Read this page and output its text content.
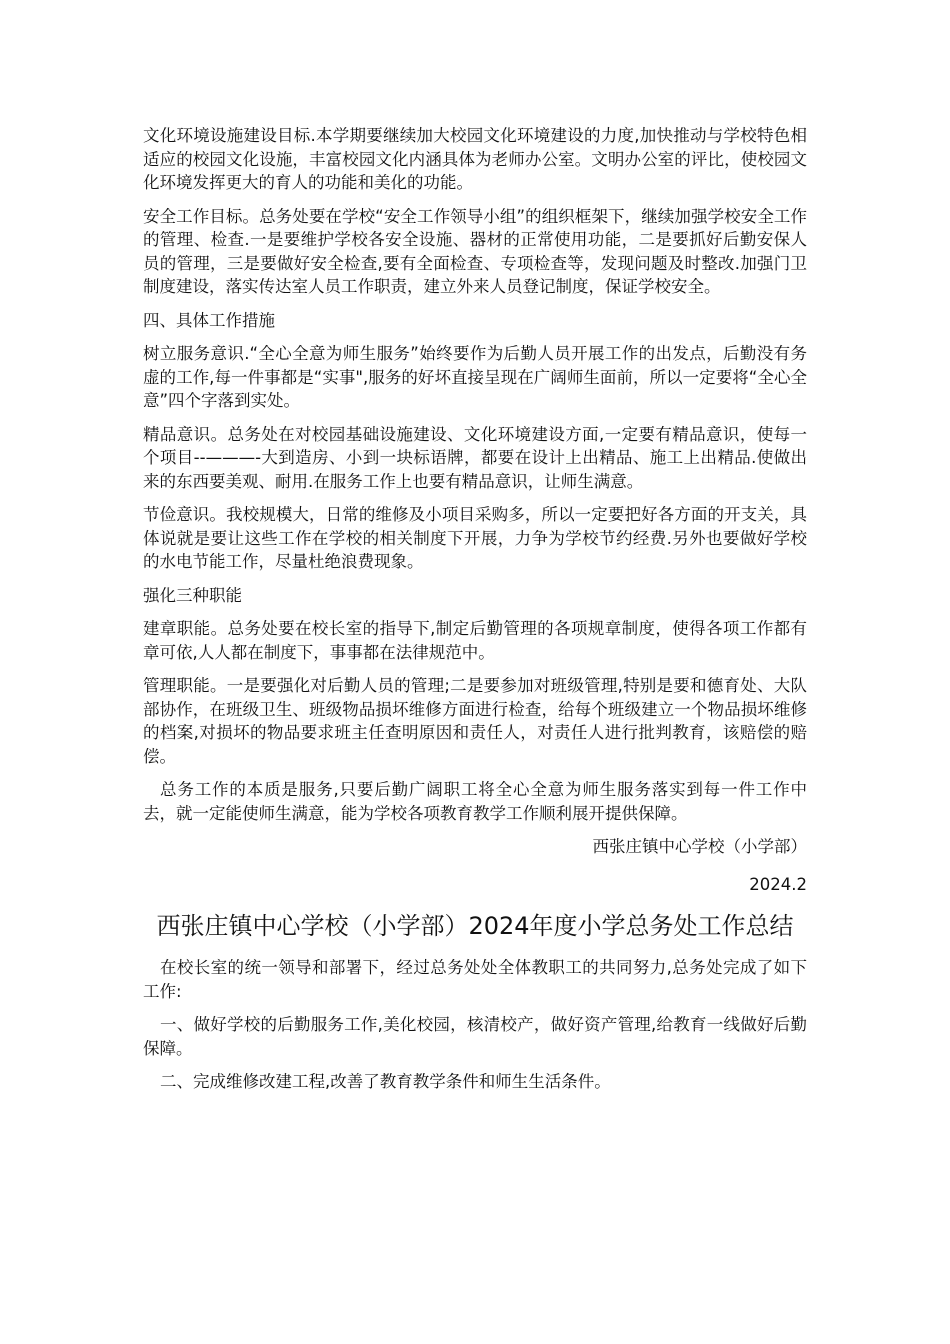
文化环境设施建设目标.本学期要继续加大校园文化环境建设的力度,加快推动与学校特色相适应的校园文化设施，丰富校园文化内涵具体为老师办公室。文明办公室的评比，使校园文化环境发挥更大的育人的功能和美化的功能。

安全工作目标。总务处要在学校“安全工作领导小组”的组织框架下，继续加强学校安全工作的管理、检查.一是要维护学校各安全设施、器材的正常使用功能，二是要抓好后勤安保人员的管理，三是要做好安全检查,要有全面检查、专项检查等，发现问题及时整改.加强门卫制度建设，落实传达室人员工作职责，建立外来人员登记制度，保证学校安全。

四、具体工作措施

树立服务意识.“全心全意为师生服务”始终要作为后勤人员开展工作的出发点，后勤没有务虚的工作,每一件事都是“实事",服务的好坏直接呈现在广阔师生面前，所以一定要将“全心全意”四个字落到实处。

精品意识。总务处在对校园基础设施建设、文化环境建设方面,一定要有精品意识，使每一个项目--———-大到造房、小到一块标语牌，都要在设计上出精品、施工上出精品.使做出来的东西要美观、耐用.在服务工作上也要有精品意识，让师生满意。

节俭意识。我校规模大，日常的维修及小项目采购多，所以一定要把好各方面的开支关，具体说就是要让这些工作在学校的相关制度下开展，力争为学校节约经费.另外也要做好学校的水电节能工作，尽量杜绝浪费现象。

强化三种职能

建章职能。总务处要在校长室的指导下,制定后勤管理的各项规章制度，使得各项工作都有章可依,人人都在制度下，事事都在法律规范中。

管理职能。一是要强化对后勤人员的管理;二是要参加对班级管理,特别是要和德育处、大队部协作，在班级卫生、班级物品损坏维修方面进行检查，给每个班级建立一个物品损坏维修的档案,对损坏的物品要求班主任查明原因和责任人，对责任人进行批判教育，该赔偿的赔偿。

总务工作的本质是服务,只要后勤广阔职工将全心全意为师生服务落实到每一件工作中去，就一定能使师生满意，能为学校各项教育教学工作顺利展开提供保障。

西张庄镇中心学校（小学部）

2024.2

西张庄镇中心学校（小学部）2024年度小学总务处工作总结

在校长室的统一领导和部署下，经过总务处处全体教职工的共同努力,总务处完成了如下工作:

一、做好学校的后勤服务工作,美化校园，核清校产，做好资产管理,给教育一线做好后勤保障。

二、完成维修改建工程,改善了教育教学条件和师生生活条件。
